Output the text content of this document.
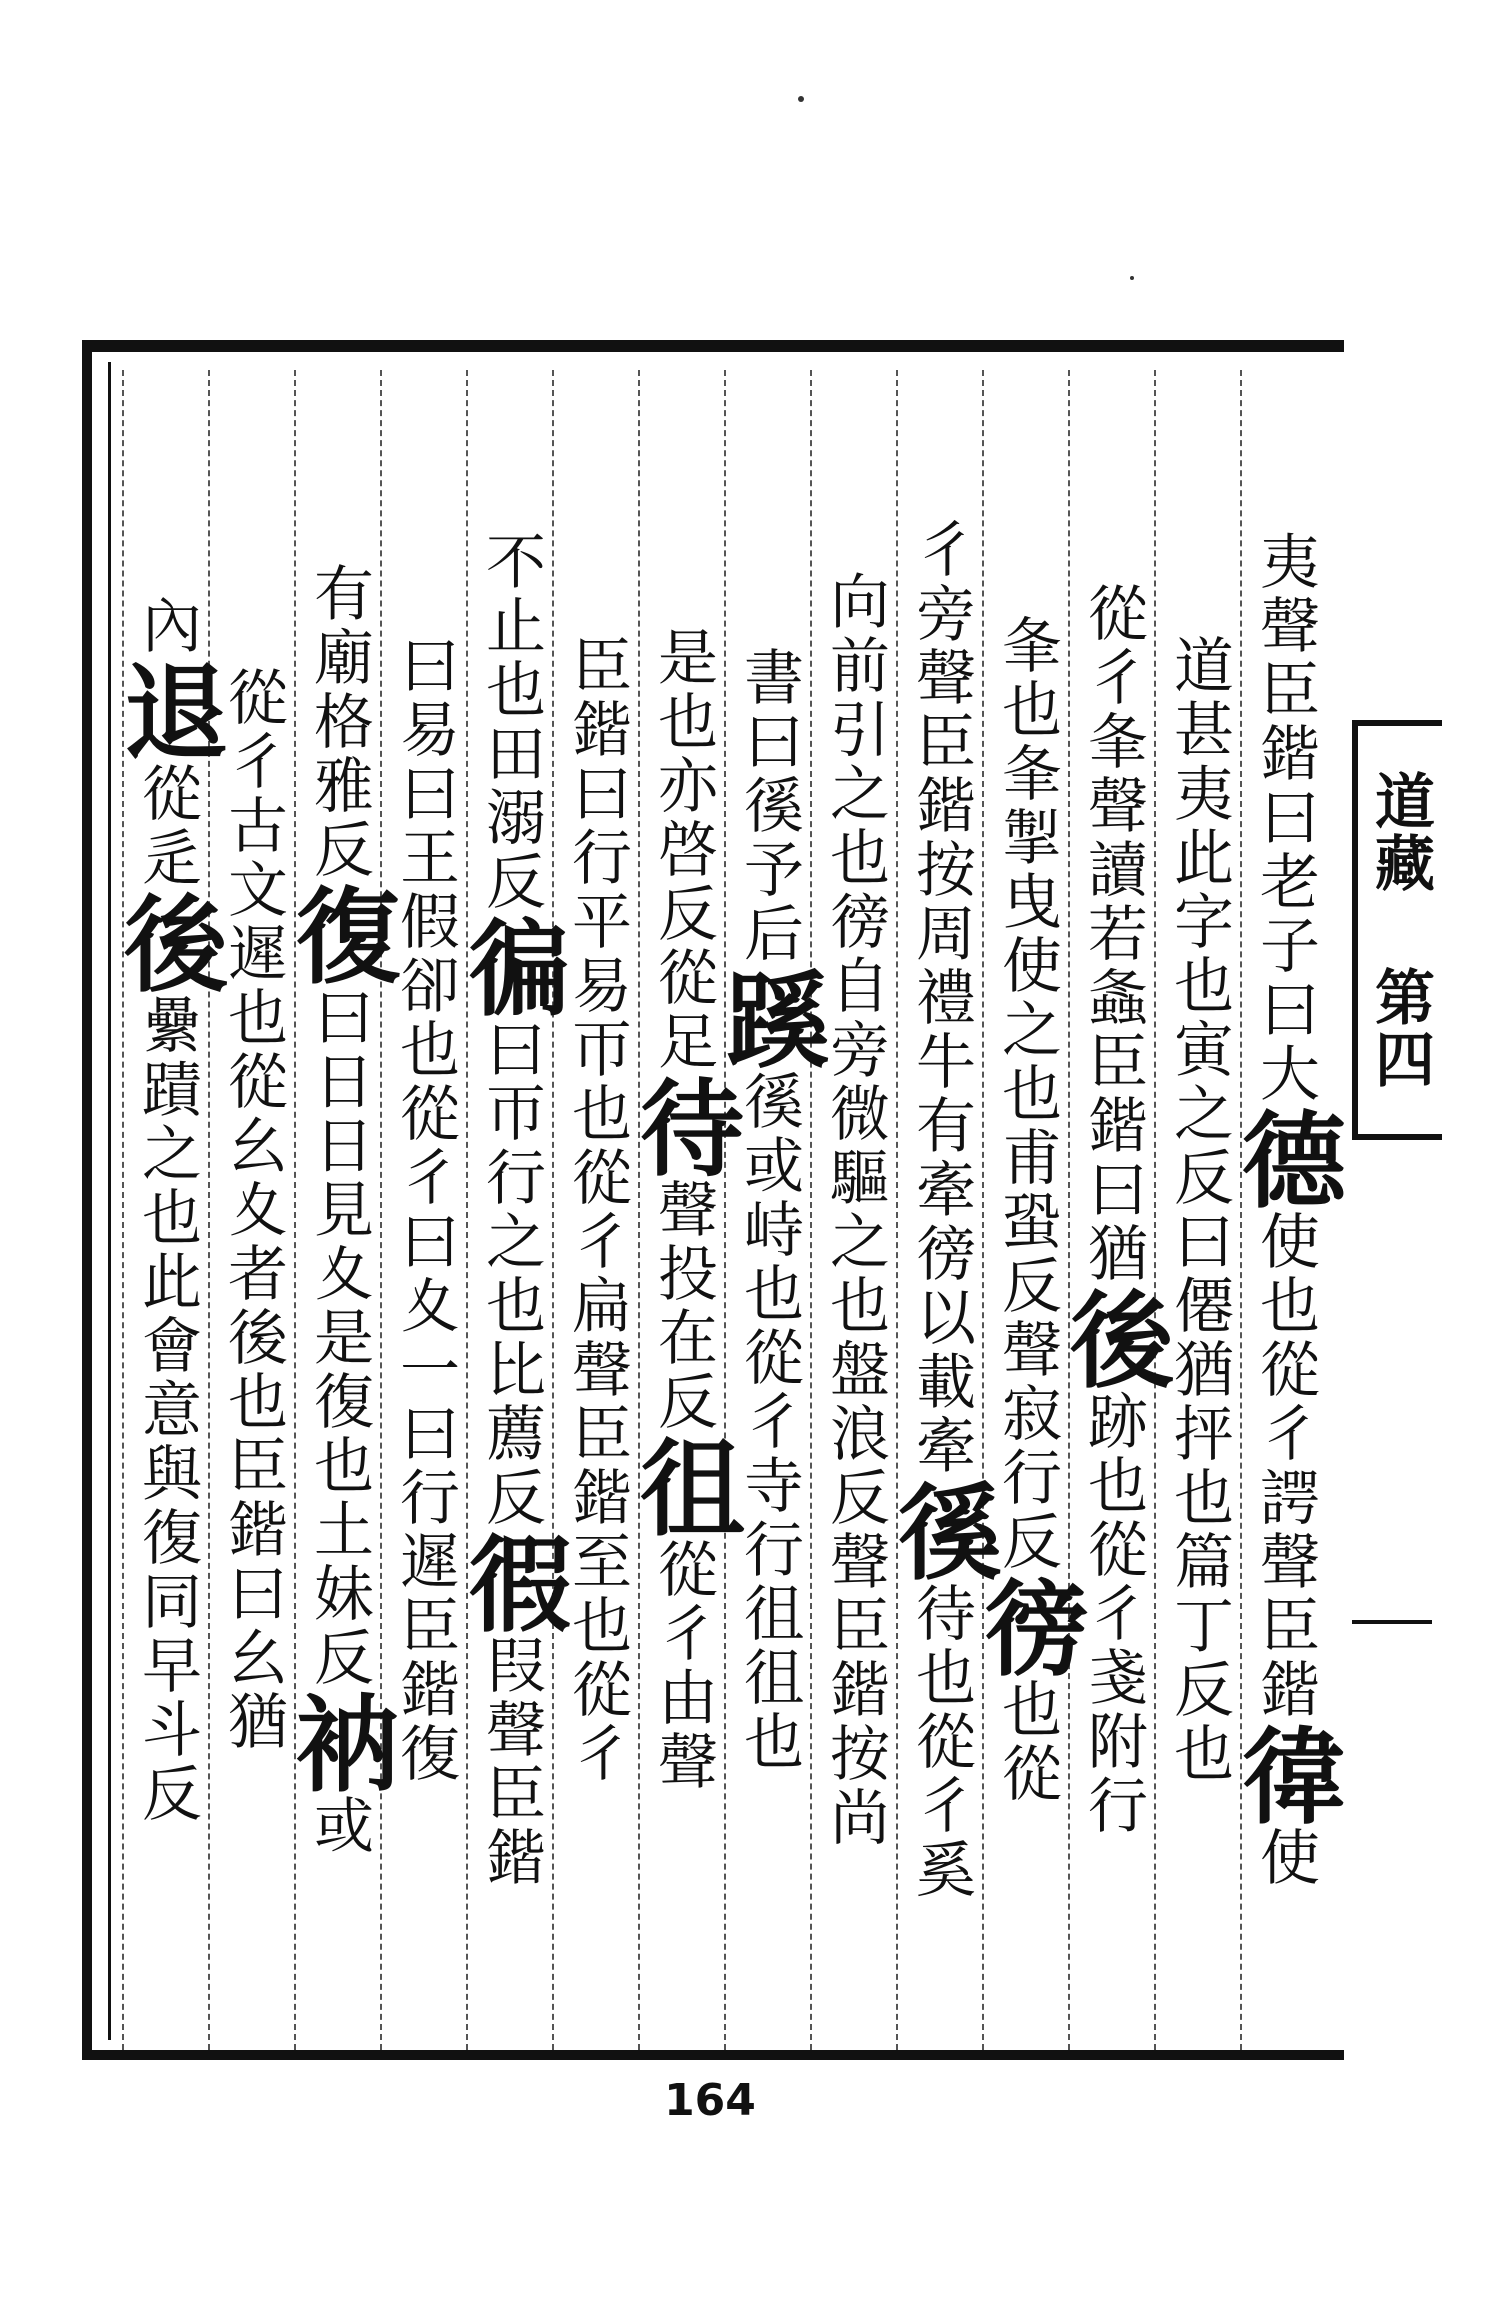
夷聲臣鍇曰老子曰大德使也從彳諤聲臣鍇徫使
道甚夷此字也寅之反曰僊猶抨也篇丁反也
從彳夆聲讀若螽臣鍇曰猶後跡也從彳戔附行
夆也夆掣曳使之也甫蛩反聲寂行反徬也從
彳旁聲臣鍇按周禮牛有牽徬以載牽徯待也從彳奚
向前引之也徬自旁微驅之也盤浪反聲臣鍇按尚
書曰徯予后蹊徯或峙也從彳寺行徂徂也
是也亦啓反從足待聲投在反徂從彳由聲
臣鍇曰行平易帀也從彳扁聲臣鍇至也從彳
不止也田溺反徧曰帀行之也比薦反徦叚聲臣鍇
曰易曰王假卻也從彳曰夊一曰行遲臣鍇復
有廟格雅反復曰日日見夊是復也土妹反衲或
從彳古文遲也從幺夊者後也臣鍇曰幺猶
內退從辵後纍蹟之也此會意與復同早斗反
道藏 第四
164
